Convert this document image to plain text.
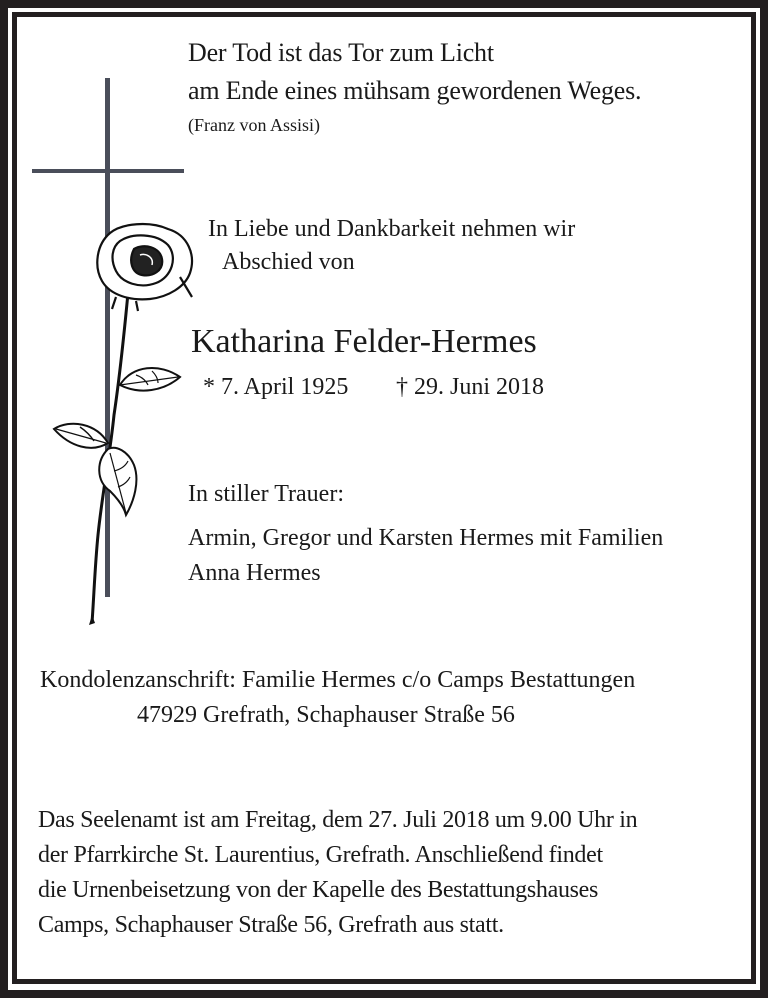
Der Tod ist das Tor zum Licht
am Ende eines mühsam gewordenen Weges.
(Franz von Assisi)
In Liebe und Dankbarkeit nehmen wir
Abschied von
Katharina Felder-Hermes
* 7. April 1925 † 29. Juni 2018
In stiller Trauer:
Armin, Gregor und Karsten Hermes mit Familien
Anna Hermes
Kondolenzanschrift: Familie Hermes c/o Camps Bestattungen
47929 Grefrath, Schaphauser Straße 56
Das Seelenamt ist am Freitag, dem 27. Juli 2018 um 9.00 Uhr in
der Pfarrkirche St. Laurentius, Grefrath. Anschließend findet
die Urnenbeisetzung von der Kapelle des Bestattungshauses
Camps, Schaphauser Straße 56, Grefrath aus statt.
